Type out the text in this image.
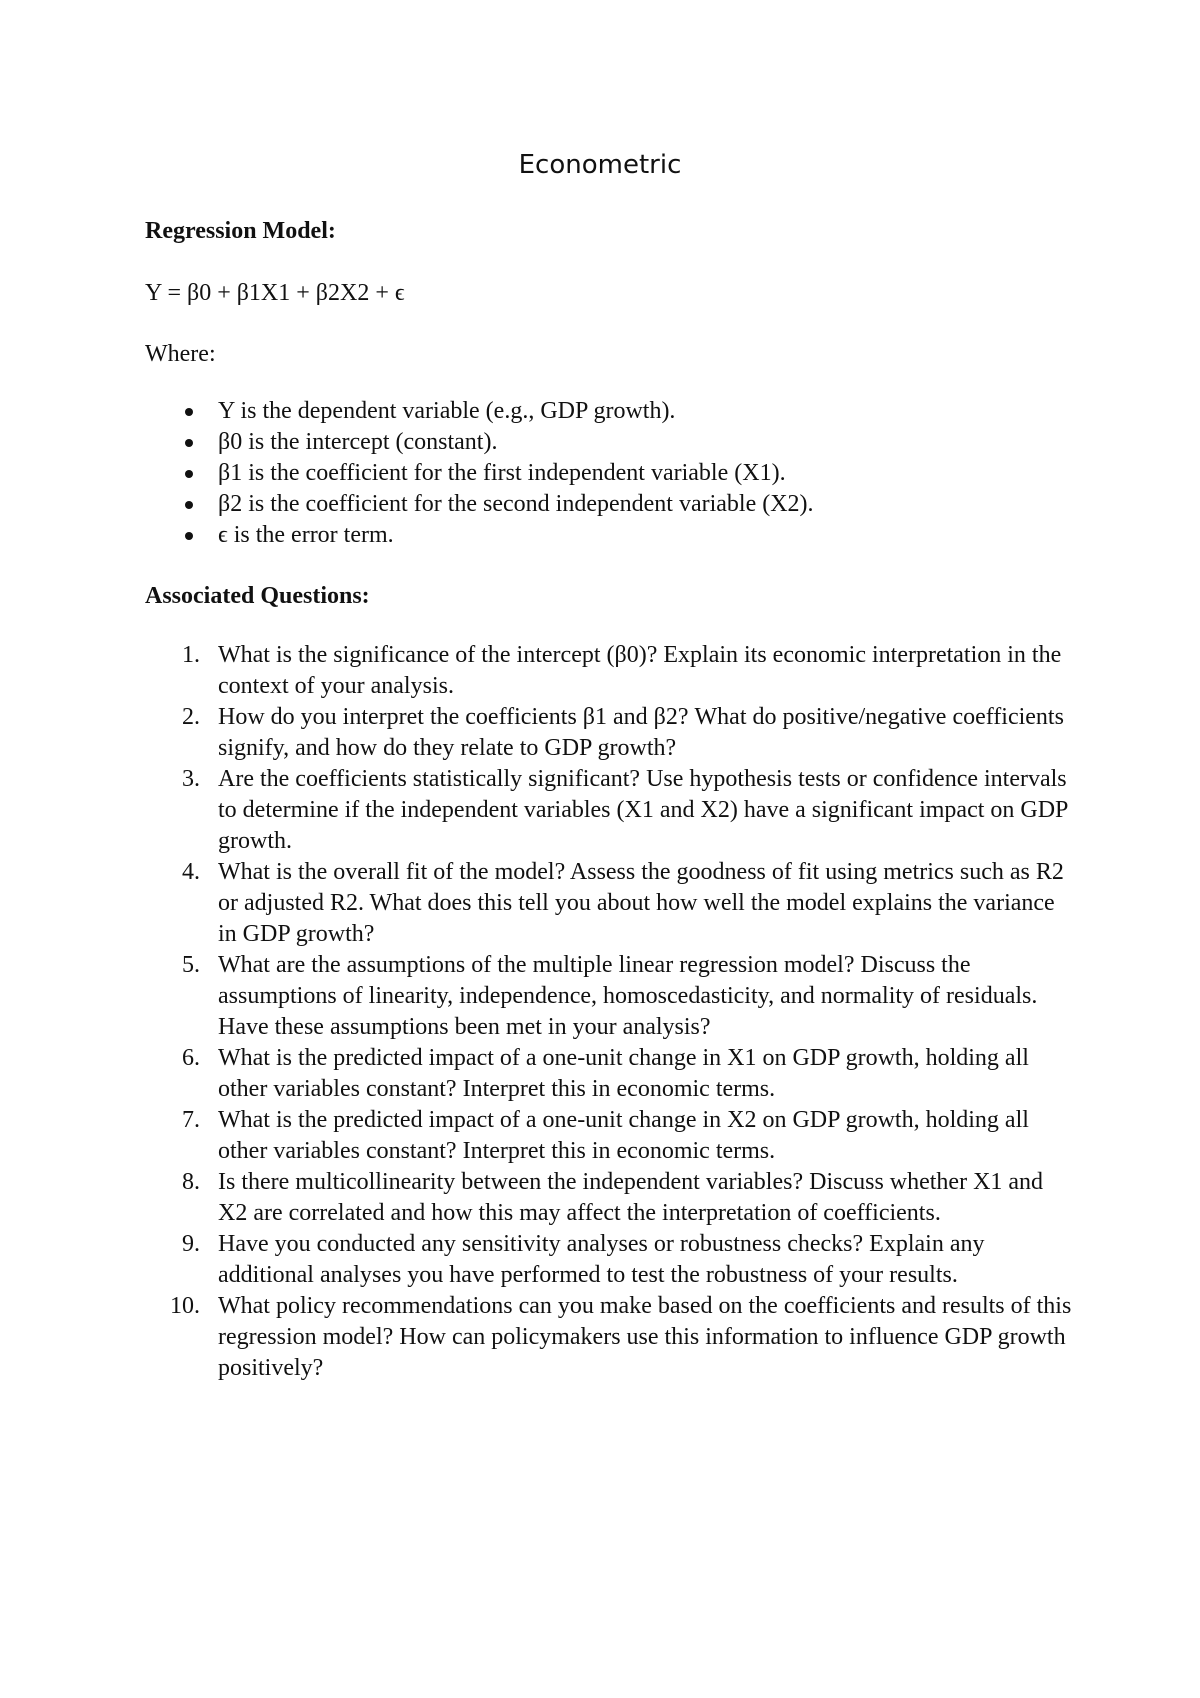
Econometric

Regression Model:

Y = β0 + β1X1 + β2X2 + ϵ

Where:

Y is the dependent variable (e.g., GDP growth).
β0 is the intercept (constant).
β1 is the coefficient for the first independent variable (X1).
β2 is the coefficient for the second independent variable (X2).
ϵ is the error term.

Associated Questions:

1. What is the significance of the intercept (β0)? Explain its economic interpretation in the context of your analysis.
2. How do you interpret the coefficients β1 and β2? What do positive/negative coefficients signify, and how do they relate to GDP growth?
3. Are the coefficients statistically significant? Use hypothesis tests or confidence intervals to determine if the independent variables (X1 and X2) have a significant impact on GDP growth.
4. What is the overall fit of the model? Assess the goodness of fit using metrics such as R2 or adjusted R2. What does this tell you about how well the model explains the variance in GDP growth?
5. What are the assumptions of the multiple linear regression model? Discuss the assumptions of linearity, independence, homoscedasticity, and normality of residuals. Have these assumptions been met in your analysis?
6. What is the predicted impact of a one-unit change in X1 on GDP growth, holding all other variables constant? Interpret this in economic terms.
7. What is the predicted impact of a one-unit change in X2 on GDP growth, holding all other variables constant? Interpret this in economic terms.
8. Is there multicollinearity between the independent variables? Discuss whether X1 and X2 are correlated and how this may affect the interpretation of coefficients.
9. Have you conducted any sensitivity analyses or robustness checks? Explain any additional analyses you have performed to test the robustness of your results.
10. What policy recommendations can you make based on the coefficients and results of this regression model? How can policymakers use this information to influence GDP growth positively?
